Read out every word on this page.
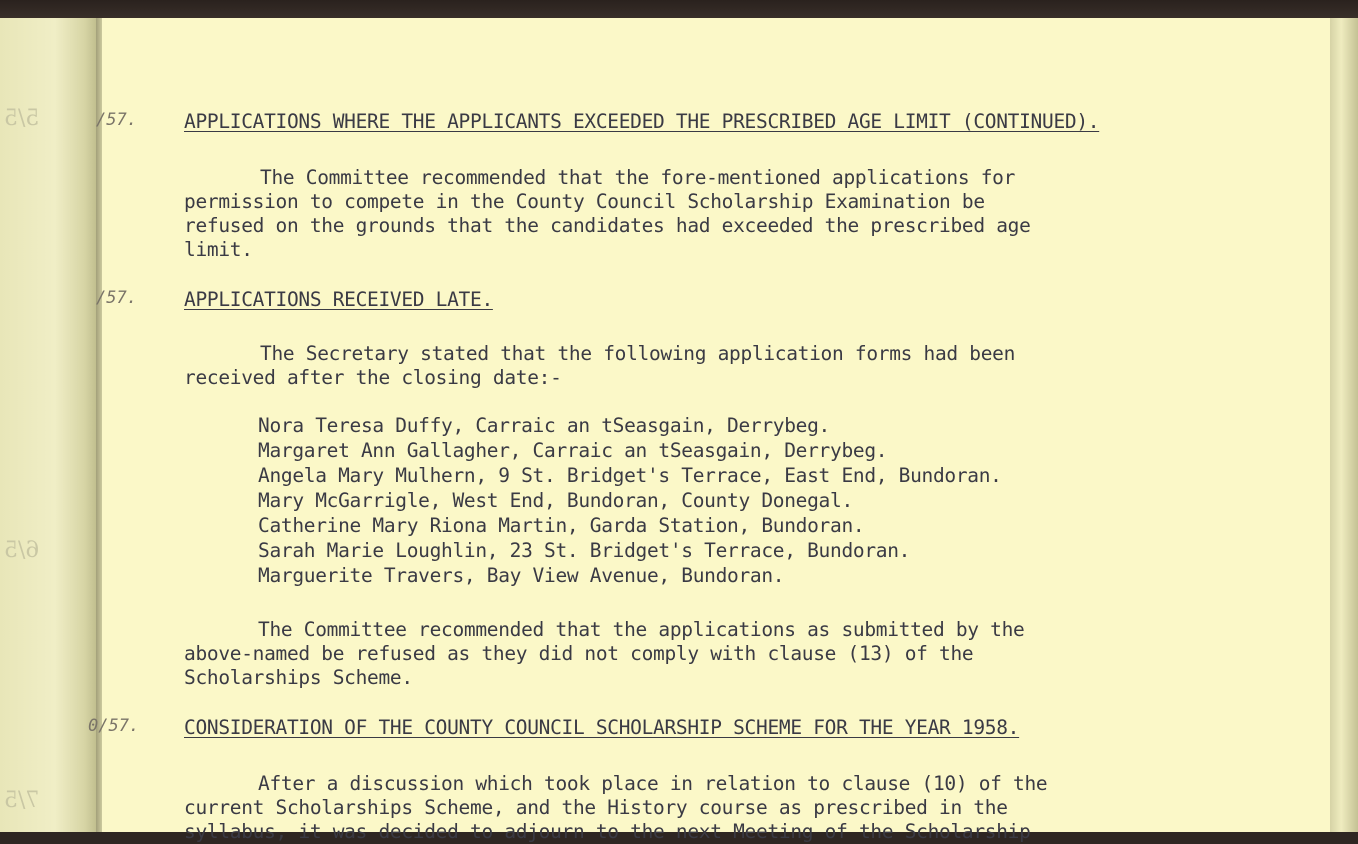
5/5
6/5
7/5
/57. APPLICATIONS WHERE THE APPLICANTS EXCEEDED THE PRESCRIBED AGE LIMIT (CONTINUED).
The Committee recommended that the fore-mentioned applications for
permission to compete in the County Council Scholarship Examination be
refused on the grounds that the candidates had exceeded the prescribed age
limit.
/57. APPLICATIONS RECEIVED LATE.
The Secretary stated that the following application forms had been
received after the closing date:-
Nora Teresa Duffy, Carraic an tSeasgain, Derrybeg.
Margaret Ann Gallagher, Carraic an tSeasgain, Derrybeg.
Angela Mary Mulhern, 9 St. Bridget's Terrace, East End, Bundoran.
Mary McGarrigle, West End, Bundoran, County Donegal.
Catherine Mary Riona Martin, Garda Station, Bundoran.
Sarah Marie Loughlin, 23 St. Bridget's Terrace, Bundoran.
Marguerite Travers, Bay View Avenue, Bundoran.
The Committee recommended that the applications as submitted by the
above-named be refused as they did not comply with clause (13) of the
Scholarships Scheme.
0/57. CONSIDERATION OF THE COUNTY COUNCIL SCHOLARSHIP SCHEME FOR THE YEAR 1958.
After a discussion which took place in relation to clause (10) of the
current Scholarships Scheme, and the History course as prescribed in the
syllabus, it was decided to adjourn to the next Meeting of the Scholarship
